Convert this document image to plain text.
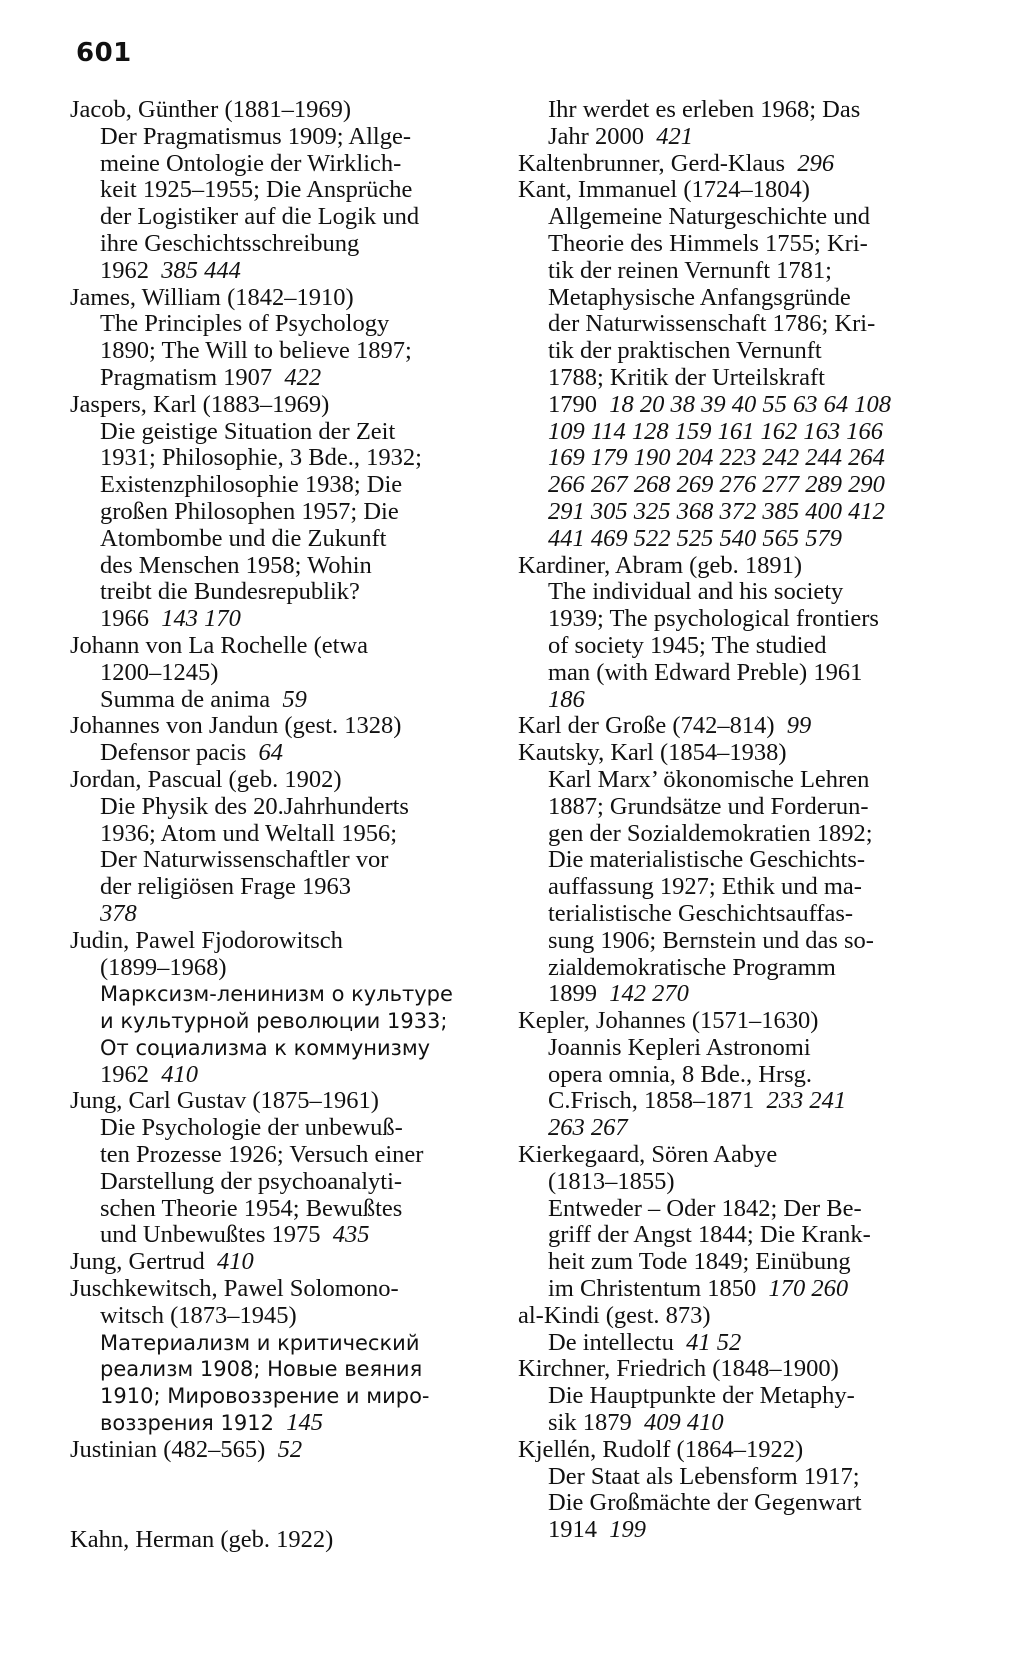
601
Jacob, Günther (1881–1969)
Der Pragmatismus 1909; Allge-
meine Ontologie der Wirklich-
keit 1925–1955; Die Ansprüche
der Logistiker auf die Logik und
ihre Geschichtsschreibung
1962 385 444
James, William (1842–1910)
The Principles of Psychology
1890; The Will to believe 1897;
Pragmatism 1907 422
Jaspers, Karl (1883–1969)
Die geistige Situation der Zeit
1931; Philosophie, 3 Bde., 1932;
Existenzphilosophie 1938; Die
großen Philosophen 1957; Die
Atombombe und die Zukunft
des Menschen 1958; Wohin
treibt die Bundesrepublik?
1966 143 170
Johann von La Rochelle (etwa
1200–1245)
Summa de anima 59
Johannes von Jandun (gest. 1328)
Defensor pacis 64
Jordan, Pascual (geb. 1902)
Die Physik des 20.Jahrhunderts
1936; Atom und Weltall 1956;
Der Naturwissenschaftler vor
der religiösen Frage 1963
378
Judin, Pawel Fjodorowitsch
(1899–1968)
Марксизм-ленинизм о культуре
и культурной революции 1933;
От социализма к коммунизму
1962 410
Jung, Carl Gustav (1875–1961)
Die Psychologie der unbewuß-
ten Prozesse 1926; Versuch einer
Darstellung der psychoanalyti-
schen Theorie 1954; Bewußtes
und Unbewußtes 1975 435
Jung, Gertrud 410
Juschkewitsch, Pawel Solomono-
witsch (1873–1945)
Материализм и критический
реализм 1908; Новые веяния
1910; Мировоззрение и миро-
воззрения 1912 145
Justinian (482–565) 52
Kahn, Herman (geb. 1922)
Ihr werdet es erleben 1968; Das
Jahr 2000 421
Kaltenbrunner, Gerd-Klaus 296
Kant, Immanuel (1724–1804)
Allgemeine Naturgeschichte und
Theorie des Himmels 1755; Kri-
tik der reinen Vernunft 1781;
Metaphysische Anfangsgründe
der Naturwissenschaft 1786; Kri-
tik der praktischen Vernunft
1788; Kritik der Urteilskraft
1790 18 20 38 39 40 55 63 64 108
109 114 128 159 161 162 163 166
169 179 190 204 223 242 244 264
266 267 268 269 276 277 289 290
291 305 325 368 372 385 400 412
441 469 522 525 540 565 579
Kardiner, Abram (geb. 1891)
The individual and his society
1939; The psychological frontiers
of society 1945; The studied
man (with Edward Preble) 1961
186
Karl der Große (742–814) 99
Kautsky, Karl (1854–1938)
Karl Marx’ ökonomische Lehren
1887; Grundsätze und Forderun-
gen der Sozialdemokratien 1892;
Die materialistische Geschichts-
auffassung 1927; Ethik und ma-
terialistische Geschichtsauffas-
sung 1906; Bernstein und das so-
zialdemokratische Programm
1899 142 270
Kepler, Johannes (1571–1630)
Joannis Kepleri Astronomi
opera omnia, 8 Bde., Hrsg.
C.Frisch, 1858–1871 233 241
263 267
Kierkegaard, Sören Aabye
(1813–1855)
Entweder – Oder 1842; Der Be-
griff der Angst 1844; Die Krank-
heit zum Tode 1849; Einübung
im Christentum 1850 170 260
al-Kindi (gest. 873)
De intellectu 41 52
Kirchner, Friedrich (1848–1900)
Die Hauptpunkte der Metaphy-
sik 1879 409 410
Kjellén, Rudolf (1864–1922)
Der Staat als Lebensform 1917;
Die Großmächte der Gegenwart
1914 199
